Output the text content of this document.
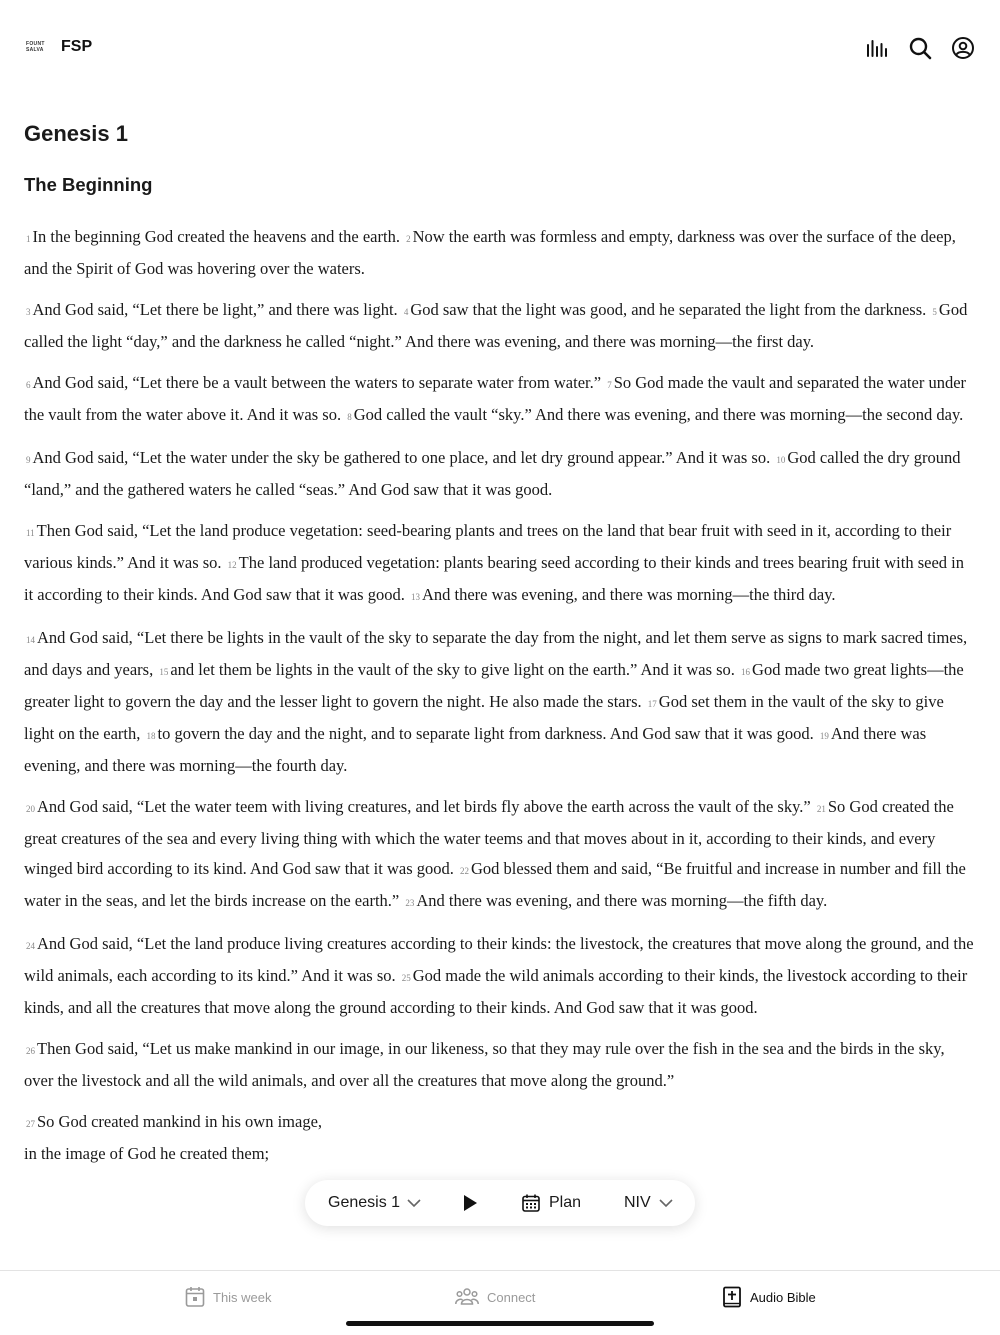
FOUNT
SALVA FSP
Genesis 1
The Beginning

1 In the beginning God created the heavens and the earth. 2 Now the earth was formless and empty, darkness was over the surface of the deep, and the Spirit of God was hovering over the waters.

3 And God said, “Let there be light,” and there was light. 4 God saw that the light was good, and he separated the light from the darkness. 5 God called the light “day,” and the darkness he called “night.” And there was evening, and there was morning—the first day.

6 And God said, “Let there be a vault between the waters to separate water from water.” 7 So God made the vault and separated the water under the vault from the water above it. And it was so. 8 God called the vault “sky.” And there was evening, and there was morning—the second day.

9 And God said, “Let the water under the sky be gathered to one place, and let dry ground appear.” And it was so. 10 God called the dry ground “land,” and the gathered waters he called “seas.” And God saw that it was good.

11 Then God said, “Let the land produce vegetation: seed-bearing plants and trees on the land that bear fruit with seed in it, according to their various kinds.” And it was so. 12 The land produced vegetation: plants bearing seed according to their kinds and trees bearing fruit with seed in it according to their kinds. And God saw that it was good. 13 And there was evening, and there was morning—the third day.

14 And God said, “Let there be lights in the vault of the sky to separate the day from the night, and let them serve as signs to mark sacred times, and days and years, 15 and let them be lights in the vault of the sky to give light on the earth.” And it was so. 16 God made two great lights—the greater light to govern the day and the lesser light to govern the night. He also made the stars. 17 God set them in the vault of the sky to give light on the earth, 18 to govern the day and the night, and to separate light from darkness. And God saw that it was good. 19 And there was evening, and there was morning—the fourth day.

20 And God said, “Let the water teem with living creatures, and let birds fly above the earth across the vault of the sky.” 21 So God created the great creatures of the sea and every living thing with which the water teems and that moves about in it, according to their kinds, and every winged bird according to its kind. And God saw that it was good. 22 God blessed them and said, “Be fruitful and increase in number and fill the water in the seas, and let the birds increase on the earth.” 23 And there was evening, and there was morning—the fifth day.

24 And God said, “Let the land produce living creatures according to their kinds: the livestock, the creatures that move along the ground, and the wild animals, each according to its kind.” And it was so. 25 God made the wild animals according to their kinds, the livestock according to their kinds, and all the creatures that move along the ground according to their kinds. And God saw that it was good.

26 Then God said, “Let us make mankind in our image, in our likeness, so that they may rule over the fish in the sea and the birds in the sky, over the livestock and all the wild animals, and over all the creatures that move along the ground.”

27 So God created mankind in his own image,

in the image of God he created them;

Genesis 1	Plan	NIV
This week	Connect	Audio Bible
